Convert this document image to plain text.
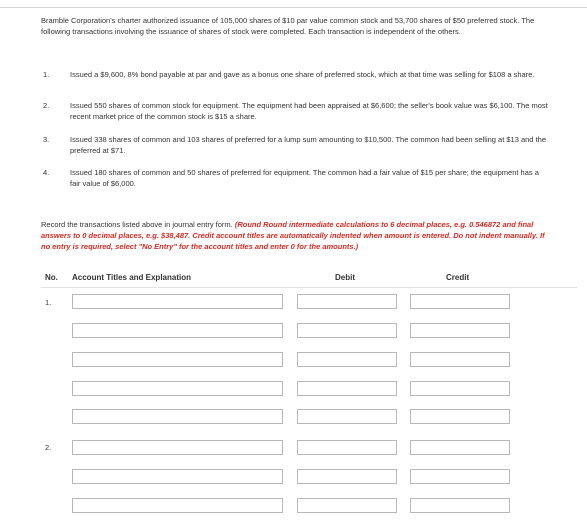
Bramble Corporation's charter authorized issuance of 105,000 shares of $10 par value common stock and 53,700 shares of $50 preferred stock. The following transactions involving the issuance of shares of stock were completed. Each transaction is independent of the others.
1.	Issued a $9,600, 8% bond payable at par and gave as a bonus one share of preferred stock, which at that time was selling for $108 a share.
2.	Issued 550 shares of common stock for equipment. The equipment had been appraised at $6,600; the seller's book value was $6,100. The most recent market price of the common stock is $15 a share.
3.	Issued 338 shares of common and 103 shares of preferred for a lump sum amounting to $10,500. The common had been selling at $13 and the preferred at $71.
4.	Issued 180 shares of common and 50 shares of preferred for equipment. The common had a fair value of $15 per share; the equipment has a fair value of $6,000.
Record the transactions listed above in journal entry form. (Round Round intermediate calculations to 6 decimal places, e.g. 0.546872 and final answers to 0 decimal places, e.g. $38,487. Credit account titles are automatically indented when amount is entered. Do not indent manually. If no entry is required, select "No Entry" for the account titles and enter 0 for the amounts.)
No. Account Titles and Explanation	Debit	Credit
1.
2.
